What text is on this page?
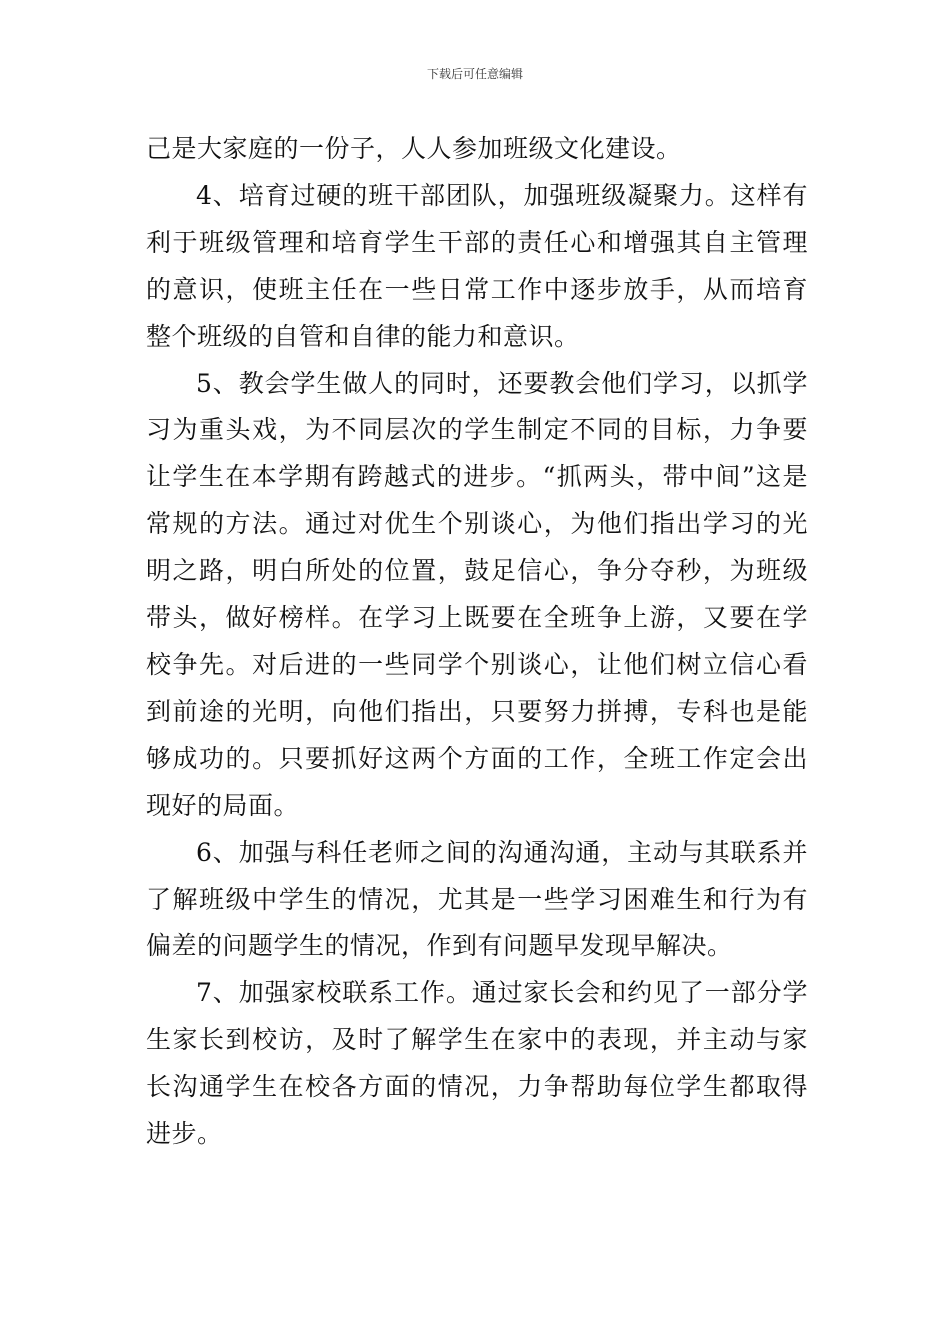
下载后可任意编辑

己是大家庭的一份子，人人参加班级文化建设。

4、培育过硬的班干部团队，加强班级凝聚力。这样有利于班级管理和培育学生干部的责任心和增强其自主管理的意识，使班主任在一些日常工作中逐步放手，从而培育整个班级的自管和自律的能力和意识。

5、教会学生做人的同时，还要教会他们学习，以抓学习为重头戏，为不同层次的学生制定不同的目标，力争要让学生在本学期有跨越式的进步。“抓两头，带中间”这是常规的方法。通过对优生个别谈心，为他们指出学习的光明之路，明白所处的位置，鼓足信心，争分夺秒，为班级带头，做好榜样。在学习上既要在全班争上游，又要在学校争先。对后进的一些同学个别谈心，让他们树立信心看到前途的光明，向他们指出，只要努力拼搏，专科也是能够成功的。只要抓好这两个方面的工作，全班工作定会出现好的局面。

6、加强与科任老师之间的沟通沟通，主动与其联系并了解班级中学生的情况，尤其是一些学习困难生和行为有偏差的问题学生的情况，作到有问题早发现早解决。

7、加强家校联系工作。通过家长会和约见了一部分学生家长到校访，及时了解学生在家中的表现，并主动与家长沟通学生在校各方面的情况，力争帮助每位学生都取得进步。
